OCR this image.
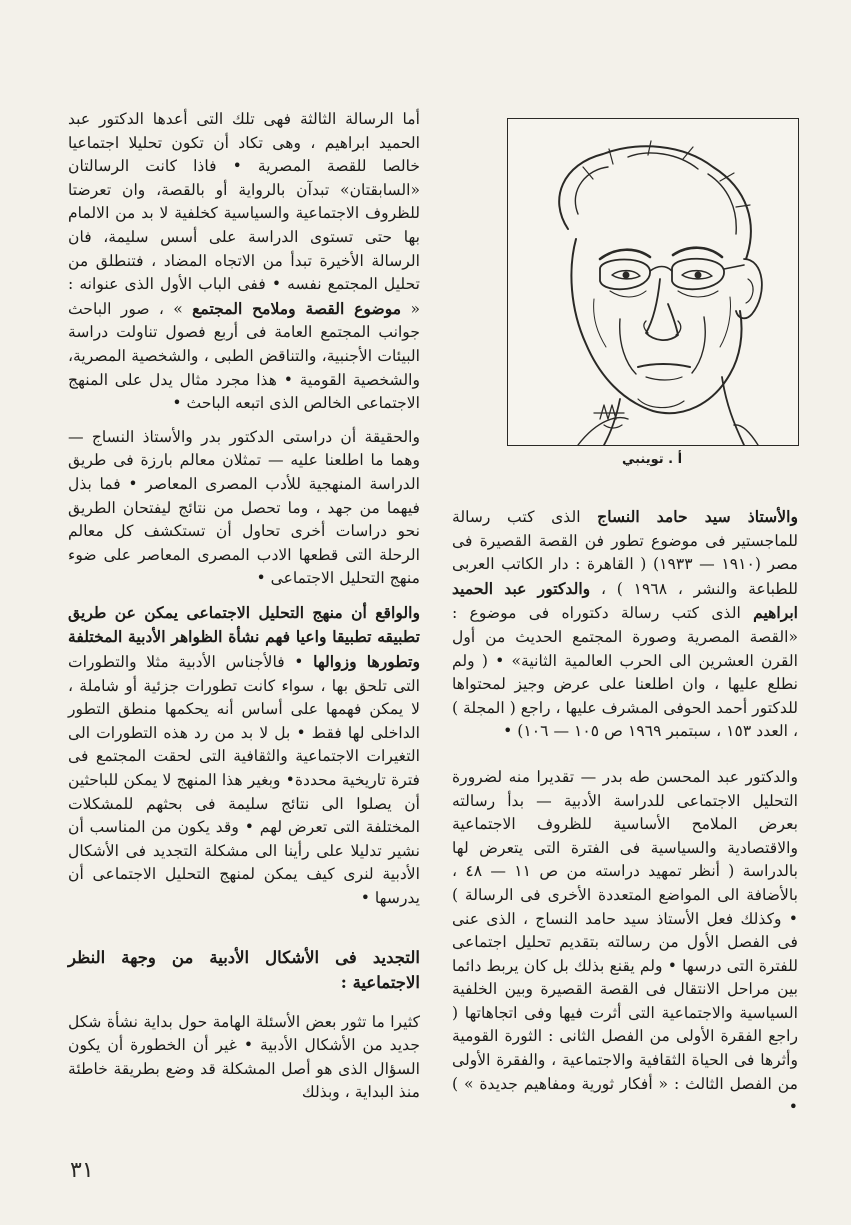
أما الرسالة الثالثة فهى تلك التى أعدها الدكتور عبد الحميد ابراهيم ، وهى تكاد أن تكون تحليلا اجتماعيا خالصا للقصة المصرية • فاذا كانت الرسالتان «السابقتان» تبدآن بالرواية أو بالقصة، وان تعرضتا للظروف الاجتماعية والسياسية كخلفية لا بد من الالمام بها حتى تستوى الدراسة على أسس سليمة، فان الرسالة الأخيرة تبدأ من الاتجاه المضاد ، فتنطلق من تحليل المجتمع نفسه • ففى الباب الأول الذى عنوانه : « موضوع القصة وملامح المجتمع » ، صور الباحث جوانب المجتمع العامة فى أربع فصول تناولت دراسة البيئات الأجنبية، والتناقض الطبى ، والشخصية المصرية، والشخصية القومية • هذا مجرد مثال يدل على المنهج الاجتماعى الخالص الذى اتبعه الباحث •

والحقيقة أن دراستى الدكتور بدر والأستاذ النساج — وهما ما اطلعنا عليه — تمثلان معالم بارزة فى طريق الدراسة المنهجية للأدب المصرى المعاصر • فما بذل فيهما من جهد ، وما تحصل من نتائج ليفتحان الطريق نحو دراسات أخرى تحاول أن تستكشف كل معالم الرحلة التى قطعها الادب المصرى المعاصر على ضوء منهج التحليل الاجتماعى •

والواقع أن منهج التحليل الاجتماعى يمكن عن طريق تطبيقه تطبيقا واعيا فهم نشأة الظواهر الأدبية المختلفة وتطورها وزوالها • فالأجناس الأدبية مثلا والتطورات التى تلحق بها ، سواء كانت تطورات جزئية أو شاملة ، لا يمكن فهمها على أساس أنه يحكمها منطق التطور الداخلى لها فقط • بل لا بد من رد هذه التطورات الى التغيرات الاجتماعية والثقافية التى لحقت المجتمع فى فترة تاريخية محددة• وبغير هذا المنهج لا يمكن للباحثين أن يصلوا الى نتائج سليمة فى بحثهم للمشكلات المختلفة التى تعرض لهم • وقد يكون من المناسب أن نشير تدليلا على رأينا الى مشكلة التجديد فى الأشكال الأدبية لنرى كيف يمكن لمنهج التحليل الاجتماعى أن يدرسها •

التجديد فى الأشكال الأدبية من وجهة النظر الاجتماعية :

كثيرا ما تثور بعض الأسئلة الهامة حول بداية نشأة شكل جديد من الأشكال الأدبية • غير أن الخطورة أن يكون السؤال الذى هو أصل المشكلة قد وضع بطريقة خاطئة منذ البداية ، وبذلك

أ . توينبي

والأستاذ سيد حامد النساج الذى كتب رسالة للماجستير فى موضوع تطور فن القصة القصيرة فى مصر (١٩١٠ — ١٩٣٣) ( القاهرة : دار الكاتب العربى للطباعة والنشر ، ١٩٦٨ ) ، والدكتور عبد الحميد ابراهيم الذى كتب رسالة دكتوراه فى موضوع : «القصة المصرية وصورة المجتمع الحديث من أول القرن العشرين الى الحرب العالمية الثانية» • ( ولم نطلع عليها ، وان اطلعنا على عرض وجيز لمحتواها للدكتور أحمد الحوفى المشرف عليها ، راجع ( المجلة ) ، العدد ١٥٣ ، سبتمبر ١٩٦٩ ص ١٠٥ — ١٠٦) •

والدكتور عبد المحسن طه بدر — تقديرا منه لضرورة التحليل الاجتماعى للدراسة الأدبية — بدأ رسالته بعرض الملامح الأساسية للظروف الاجتماعية والاقتصادية والسياسية فى الفترة التى يتعرض لها بالدراسة ( أنظر تمهيد دراسته من ص ١١ — ٤٨ ، بالأضافة الى المواضع المتعددة الأخرى فى الرسالة ) • وكذلك فعل الأستاذ سيد حامد النساج ، الذى عنى فى الفصل الأول من رسالته بتقديم تحليل اجتماعى للفترة التى درسها • ولم يقنع بذلك بل كان يربط دائما بين مراحل الانتقال فى القصة القصيرة وبين الخلفية السياسية والاجتماعية التى أثرت فيها وفى اتجاهاتها ( راجع الفقرة الأولى من الفصل الثانى : الثورة القومية وأثرها فى الحياة الثقافية والاجتماعية ، والفقرة الأولى من الفصل الثالث : « أفكار ثورية ومفاهيم جديدة » ) •

٣١
